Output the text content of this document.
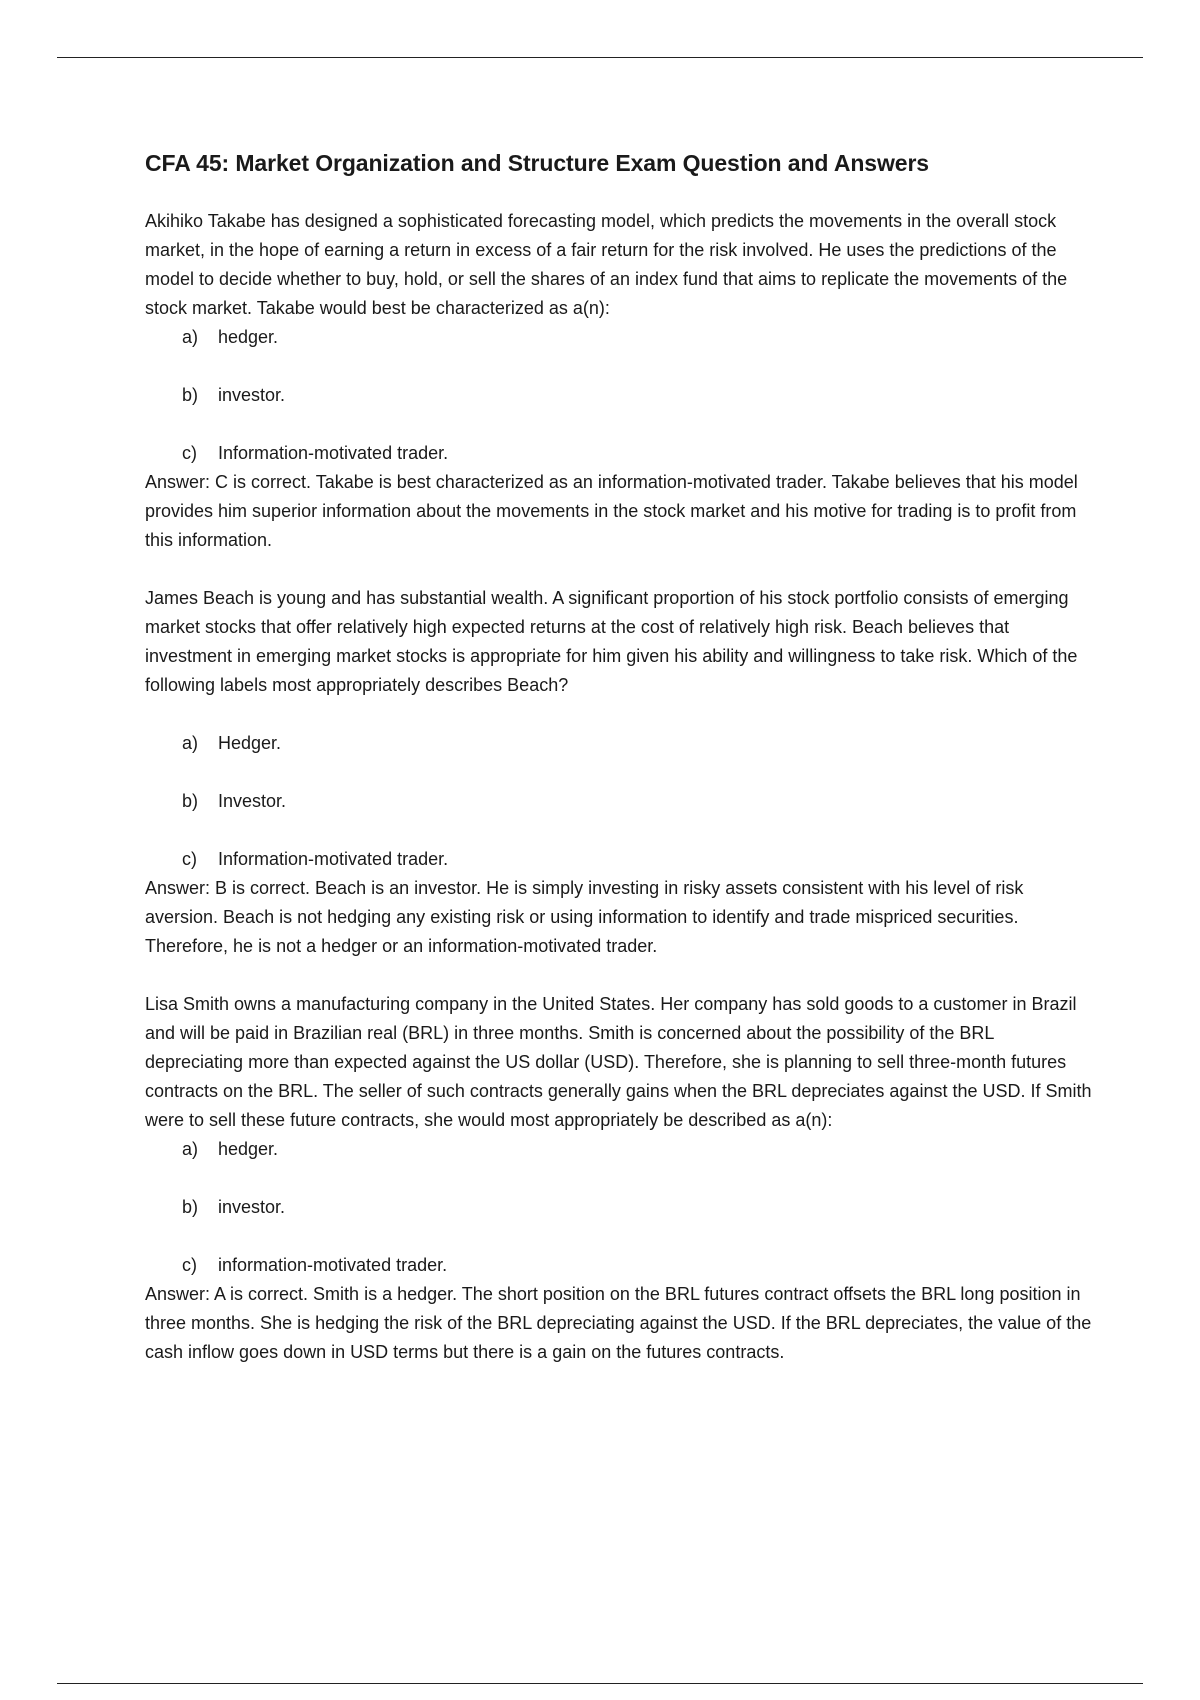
CFA 45: Market Organization and Structure Exam Question and Answers

Akihiko Takabe has designed a sophisticated forecasting model, which predicts the movements in the overall stock market, in the hope of earning a return in excess of a fair return for the risk involved. He uses the predictions of the model to decide whether to buy, hold, or sell the shares of an index fund that aims to replicate the movements of the stock market. Takabe would best be characterized as a(n):

a)	hedger.
b)	investor.
c)	Information-motivated trader.

Answer: C is correct. Takabe is best characterized as an information-motivated trader. Takabe believes that his model provides him superior information about the movements in the stock market and his motive for trading is to profit from this information.

James Beach is young and has substantial wealth. A significant proportion of his stock portfolio consists of emerging market stocks that offer relatively high expected returns at the cost of relatively high risk. Beach believes that investment in emerging market stocks is appropriate for him given his ability and willingness to take risk. Which of the following labels most appropriately describes Beach?

a)	Hedger.
b)	Investor.
c)	Information-motivated trader.

Answer: B is correct. Beach is an investor. He is simply investing in risky assets consistent with his level of risk aversion. Beach is not hedging any existing risk or using information to identify and trade mispriced securities. Therefore, he is not a hedger or an information-motivated trader.

Lisa Smith owns a manufacturing company in the United States. Her company has sold goods to a customer in Brazil and will be paid in Brazilian real (BRL) in three months. Smith is concerned about the possibility of the BRL depreciating more than expected against the US dollar (USD). Therefore, she is planning to sell three-month futures contracts on the BRL. The seller of such contracts generally gains when the BRL depreciates against the USD. If Smith were to sell these future contracts, she would most appropriately be described as a(n):

a)	hedger.
b)	investor.
c)	information-motivated trader.

Answer: A is correct. Smith is a hedger. The short position on the BRL futures contract offsets the BRL long position in three months. She is hedging the risk of the BRL depreciating against the USD. If the BRL depreciates, the value of the cash inflow goes down in USD terms but there is a gain on the futures contracts.
